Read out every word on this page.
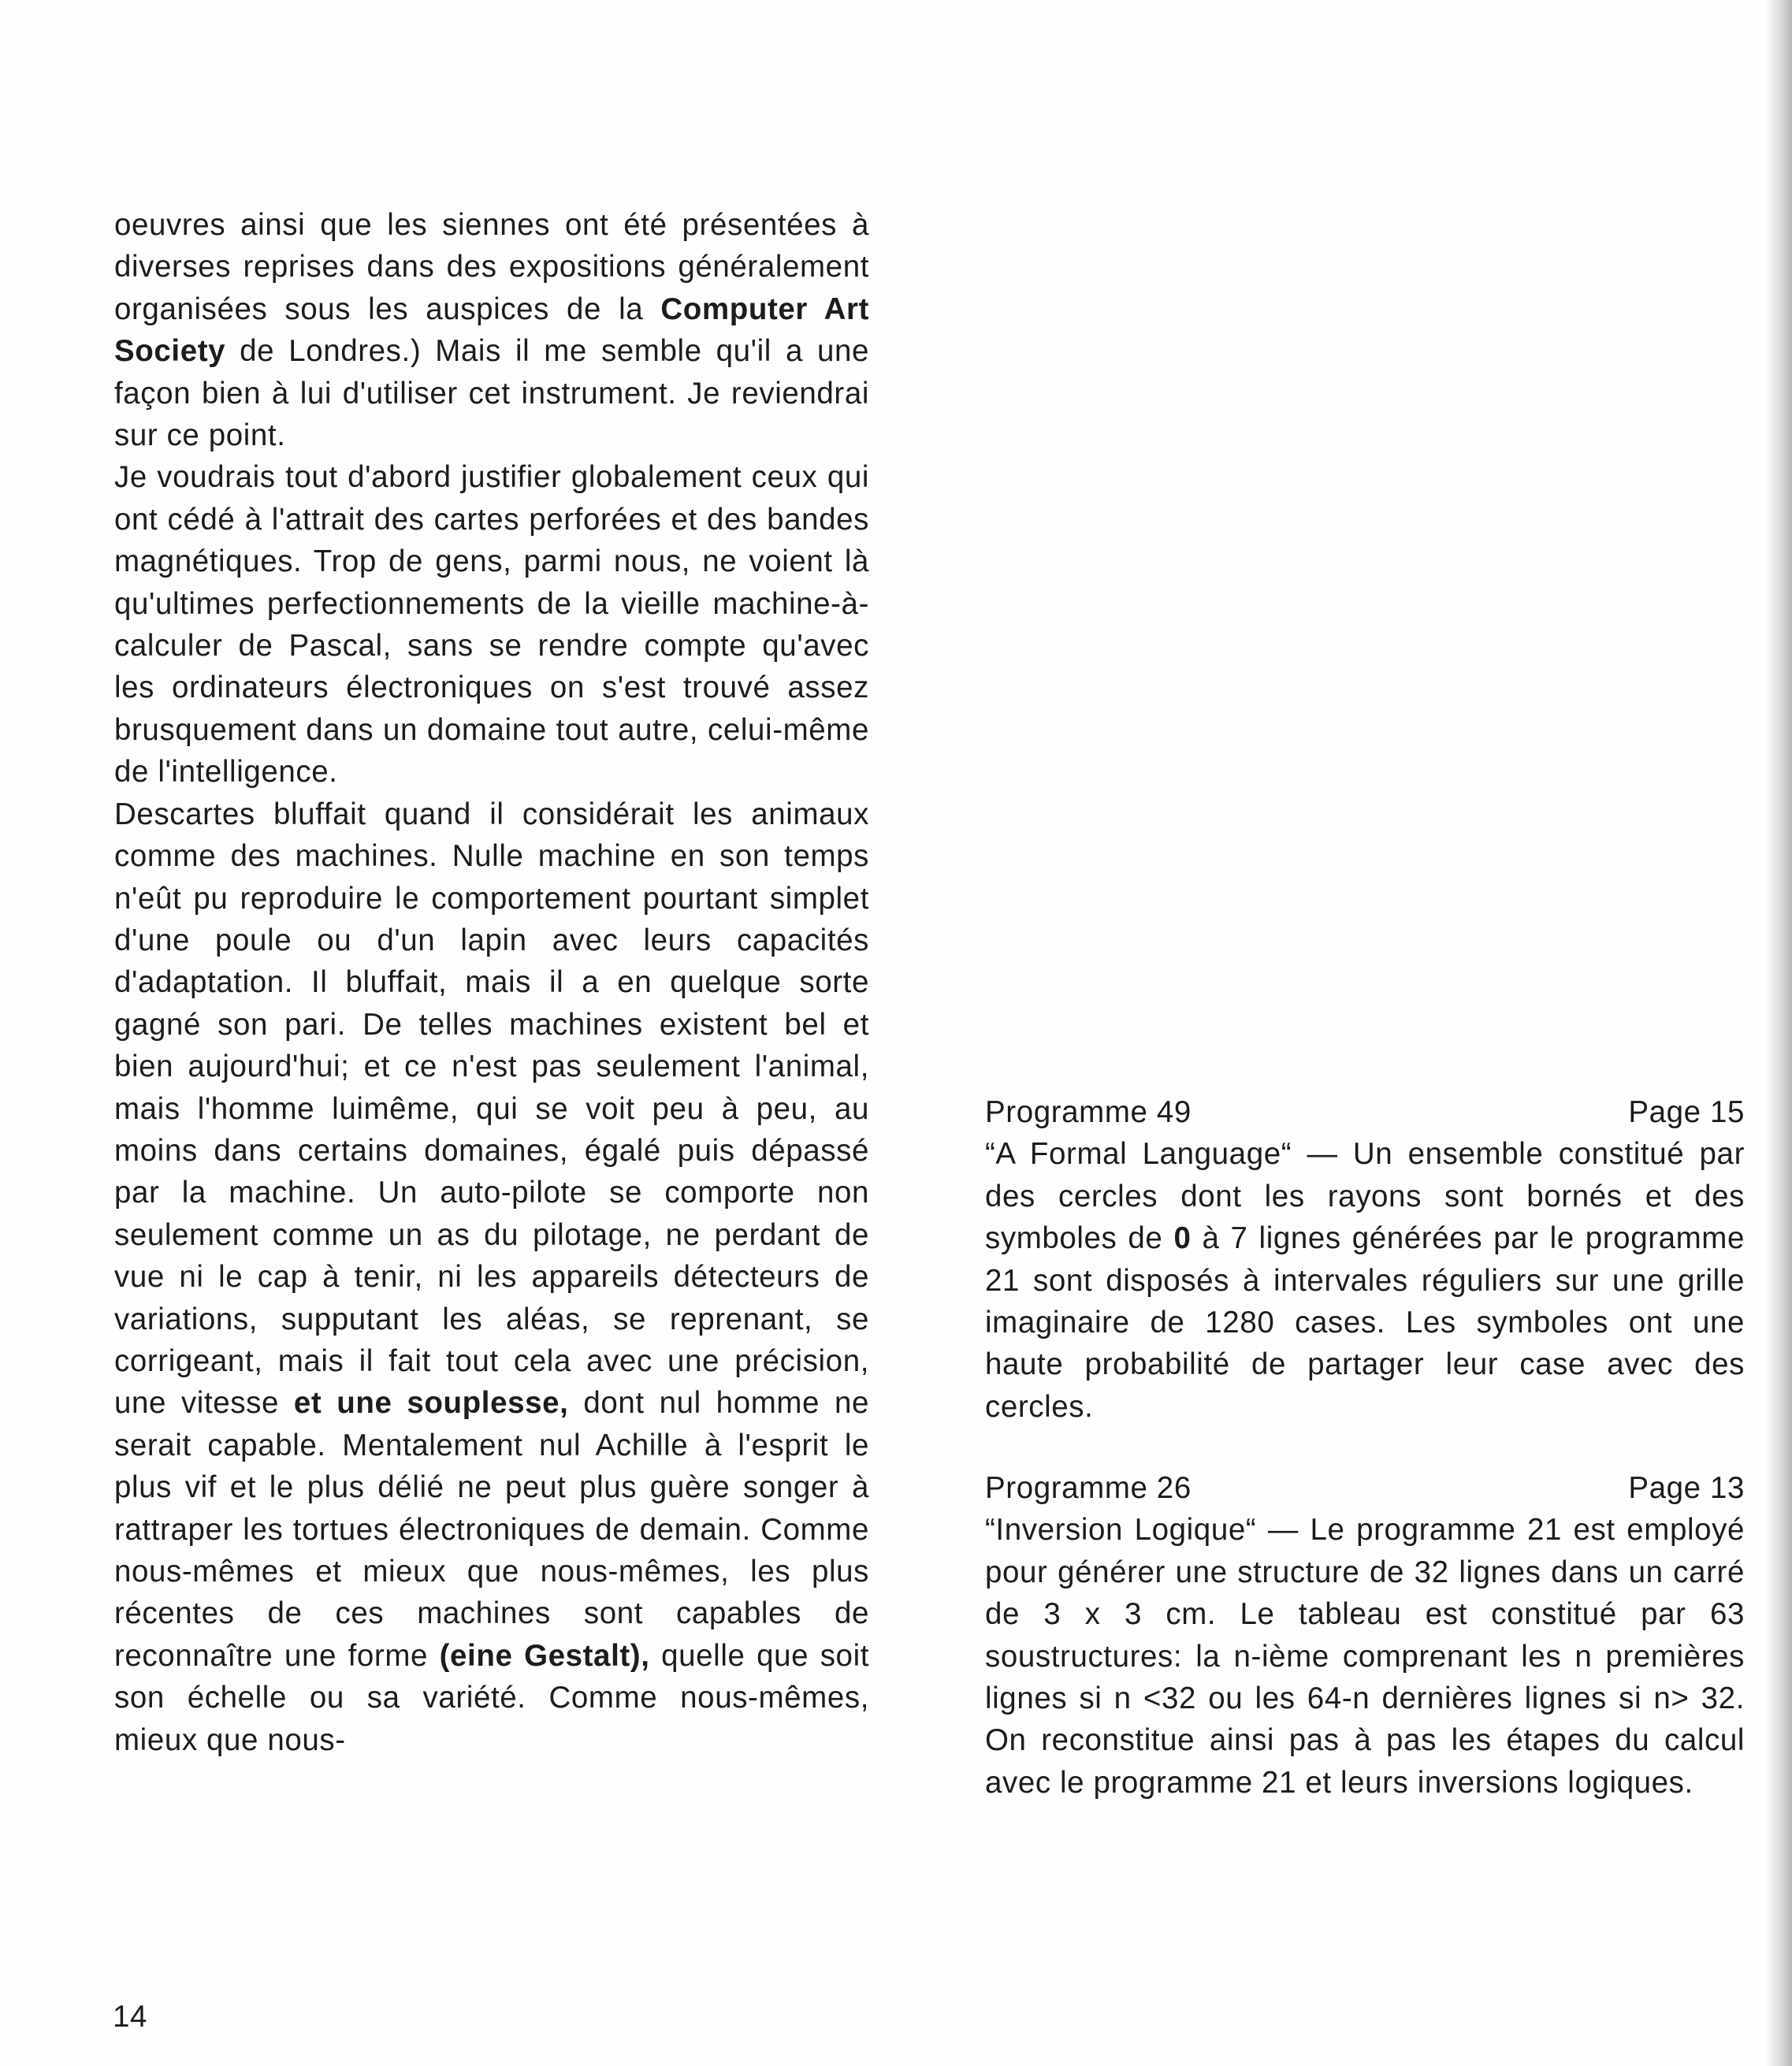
oeuvres ainsi que les siennes ont été présentées à diverses reprises dans des expositions généralement organisées sous les auspices de la Computer Art Society de Londres.) Mais il me semble qu'il a une façon bien à lui d'utiliser cet instrument. Je reviendrai sur ce point.

Je voudrais tout d'abord justifier globalement ceux qui ont cédé à l'attrait des cartes perforées et des bandes magnétiques. Trop de gens, parmi nous, ne voient là qu'ultimes perfectionnements de la vieille machine-à-calculer de Pascal, sans se rendre compte qu'avec les ordinateurs électroniques on s'est trouvé assez brusquement dans un domaine tout autre, celui-même de l'intelligence.

Descartes bluffait quand il considérait les animaux comme des machines. Nulle machine en son temps n'eût pu reproduire le comportement pourtant simplet d'une poule ou d'un lapin avec leurs capacités d'adaptation. Il bluffait, mais il a en quelque sorte gagné son pari. De telles machines existent bel et bien aujourd'hui; et ce n'est pas seulement l'animal, mais l'homme luimême, qui se voit peu à peu, au moins dans certains domaines, égalé puis dépassé par la machine. Un auto-pilote se comporte non seulement comme un as du pilotage, ne perdant de vue ni le cap à tenir, ni les appareils détecteurs de variations, supputant les aléas, se reprenant, se corrigeant, mais il fait tout cela avec une précision, une vitesse et une souplesse, dont nul homme ne serait capable. Mentalement nul Achille à l'esprit le plus vif et le plus délié ne peut plus guère songer à rattraper les tortues électroniques de demain. Comme nous-mêmes et mieux que nous-mêmes, les plus récentes de ces machines sont capables de reconnaître une forme (eine Gestalt), quelle que soit son échelle ou sa variété. Comme nous-mêmes, mieux que nous-

Programme 49	Page 15

“A Formal Language“ — Un ensemble constitué par des cercles dont les rayons sont bornés et des symboles de 0 à 7 lignes générées par le programme 21 sont disposés à intervales réguliers sur une grille imaginaire de 1280 cases. Les symboles ont une haute probabilité de partager leur case avec des cercles.

Programme 26	Page 13

“Inversion Logique“ — Le programme 21 est employé pour générer une structure de 32 lignes dans un carré de 3 x 3 cm. Le tableau est constitué par 63 soustructures: la n-ième comprenant les n premières lignes si n <32 ou les 64-n dernières lignes si n> 32. On reconstitue ainsi pas à pas les étapes du calcul avec le programme 21 et leurs inversions logiques.

14
